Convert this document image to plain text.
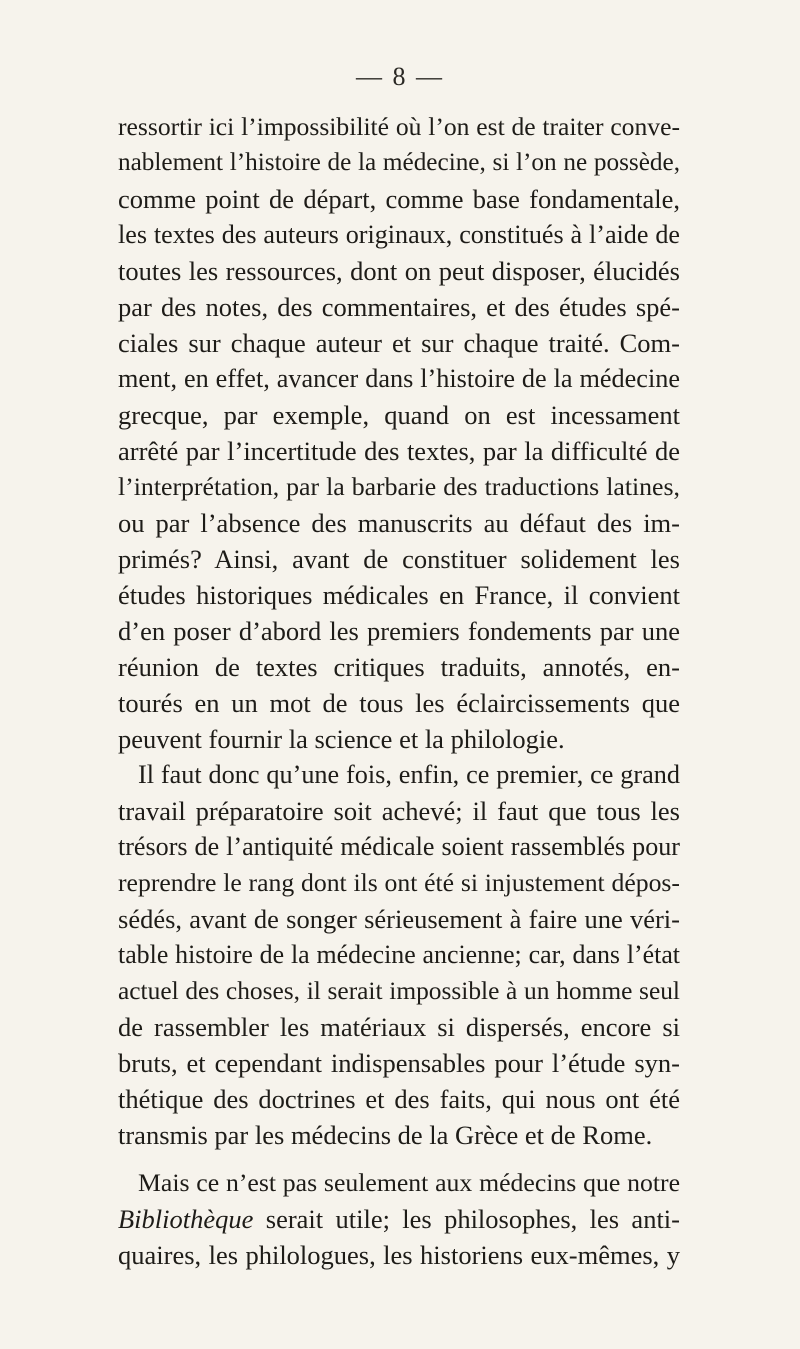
— 8 —
ressortir ici l’impossibilité où l’on est de traiter conve-
nablement l’histoire de la médecine, si l’on ne possède,
comme point de départ, comme base fondamentale,
les textes des auteurs originaux, constitués à l’aide de
toutes les ressources, dont on peut disposer, élucidés
par des notes, des commentaires, et des études spé-
ciales sur chaque auteur et sur chaque traité. Com-
ment, en effet, avancer dans l’histoire de la médecine
grecque, par exemple, quand on est incessament
arrêté par l’incertitude des textes, par la difficulté de
l’interprétation, par la barbarie des traductions latines,
ou par l’absence des manuscrits au défaut des im-
primés? Ainsi, avant de constituer solidement les
études historiques médicales en France, il convient
d’en poser d’abord les premiers fondements par une
réunion de textes critiques traduits, annotés, en-
tourés en un mot de tous les éclaircissements que
peuvent fournir la science et la philologie.
Il faut donc qu’une fois, enfin, ce premier, ce grand
travail préparatoire soit achevé; il faut que tous les
trésors de l’antiquité médicale soient rassemblés pour
reprendre le rang dont ils ont été si injustement dépos-
sédés, avant de songer sérieusement à faire une véri-
table histoire de la médecine ancienne; car, dans l’état
actuel des choses, il serait impossible à un homme seul
de rassembler les matériaux si dispersés, encore si
bruts, et cependant indispensables pour l’étude syn-
thétique des doctrines et des faits, qui nous ont été
transmis par les médecins de la Grèce et de Rome.
Mais ce n’est pas seulement aux médecins que notre
Bibliothèque serait utile; les philosophes, les anti-
quaires, les philologues, les historiens eux-mêmes, y
